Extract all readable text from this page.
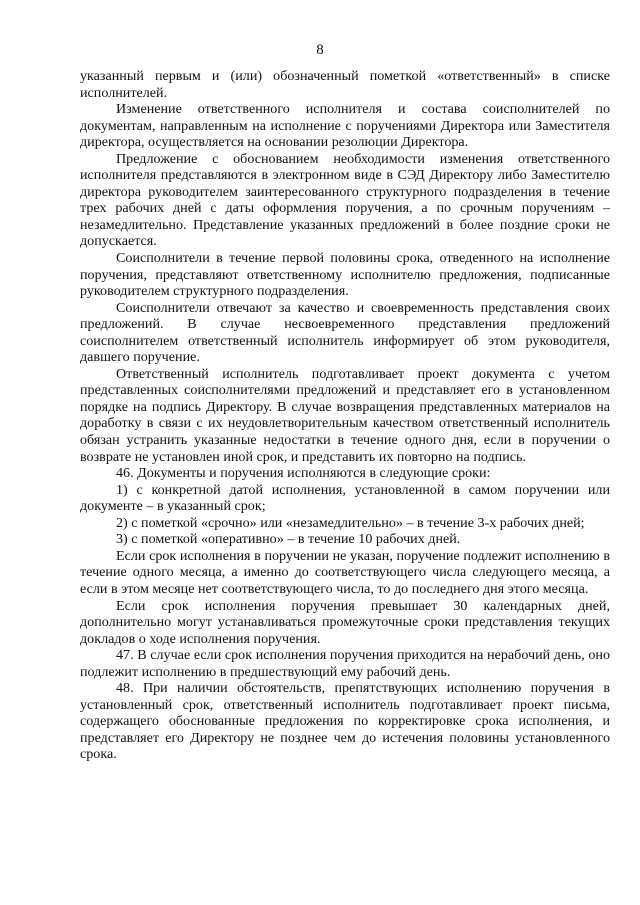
8

указанный первым и (или) обозначенный пометкой «ответственный» в списке исполнителей.

Изменение ответственного исполнителя и состава соисполнителей по документам, направленным на исполнение с поручениями Директора или Заместителя директора, осуществляется на основании резолюции Директора.

Предложение с обоснованием необходимости изменения ответственного исполнителя представляются в электронном виде в СЭД Директору либо Заместителю директора руководителем заинтересованного структурного подразделения в течение трех рабочих дней с даты оформления поручения, а по срочным поручениям – незамедлительно. Представление указанных предложений в более поздние сроки не допускается.

Соисполнители в течение первой половины срока, отведенного на исполнение поручения, представляют ответственному исполнителю предложения, подписанные руководителем структурного подразделения.

Соисполнители отвечают за качество и своевременность представления своих предложений. В случае несвоевременного представления предложений соисполнителем ответственный исполнитель информирует об этом руководителя, давшего поручение.

Ответственный исполнитель подготавливает проект документа с учетом представленных соисполнителями предложений и представляет его в установленном порядке на подпись Директору. В случае возвращения представленных материалов на доработку в связи с их неудовлетворительным качеством ответственный исполнитель обязан устранить указанные недостатки в течение одного дня, если в поручении о возврате не установлен иной срок, и представить их повторно на подпись.

46. Документы и поручения исполняются в следующие сроки:

1) с конкретной датой исполнения, установленной в самом поручении или документе – в указанный срок;

2) с пометкой «срочно» или «незамедлительно» – в течение 3-х рабочих дней;

3) с пометкой «оперативно» – в течение 10 рабочих дней.

Если срок исполнения в поручении не указан, поручение подлежит исполнению в течение одного месяца, а именно до соответствующего числа следующего месяца, а если в этом месяце нет соответствующего числа, то до последнего дня этого месяца.

Если срок исполнения поручения превышает 30 календарных дней, дополнительно могут устанавливаться промежуточные сроки представления текущих докладов о ходе исполнения поручения.

47. В случае если срок исполнения поручения приходится на нерабочий день, оно подлежит исполнению в предшествующий ему рабочий день.

48. При наличии обстоятельств, препятствующих исполнению поручения в установленный срок, ответственный исполнитель подготавливает проект письма, содержащего обоснованные предложения по корректировке срока исполнения, и представляет его Директору не позднее чем до истечения половины установленного срока.
